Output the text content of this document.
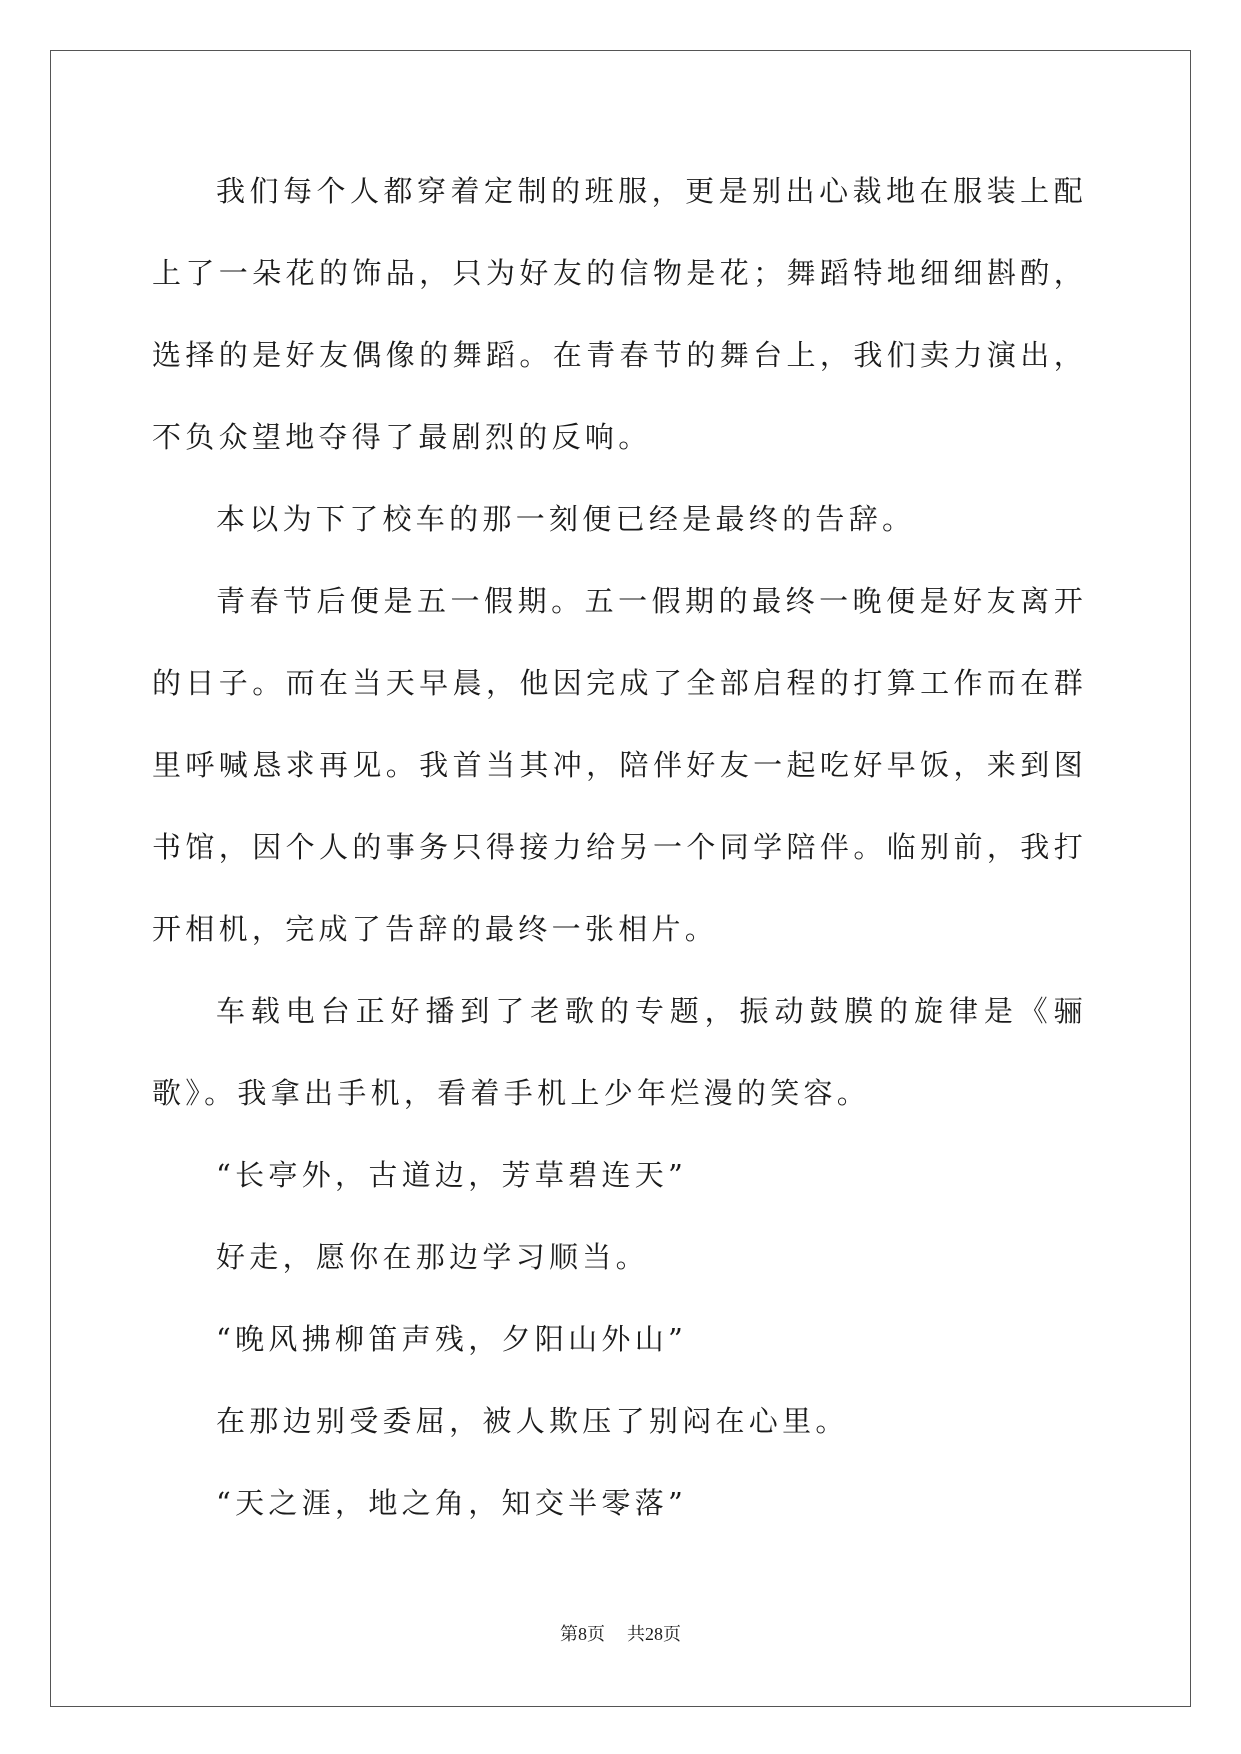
我们每个人都穿着定制的班服，更是别出心裁地在服装上配上了一朵花的饰品，只为好友的信物是花；舞蹈特地细细斟酌，选择的是好友偶像的舞蹈。在青春节的舞台上，我们卖力演出，不负众望地夺得了最剧烈的反响。

本以为下了校车的那一刻便已经是最终的告辞。

青春节后便是五一假期。五一假期的最终一晚便是好友离开的日子。而在当天早晨，他因完成了全部启程的打算工作而在群里呼喊恳求再见。我首当其冲，陪伴好友一起吃好早饭，来到图书馆，因个人的事务只得接力给另一个同学陪伴。临别前，我打开相机，完成了告辞的最终一张相片。

车载电台正好播到了老歌的专题，振动鼓膜的旋律是《骊歌》。我拿出手机，看着手机上少年烂漫的笑容。

“长亭外，古道边，芳草碧连天”

好走，愿你在那边学习顺当。

“晚风拂柳笛声残，夕阳山外山”

在那边别受委屈，被人欺压了别闷在心里。

“天之涯，地之角，知交半零落”

第8页 共28页
